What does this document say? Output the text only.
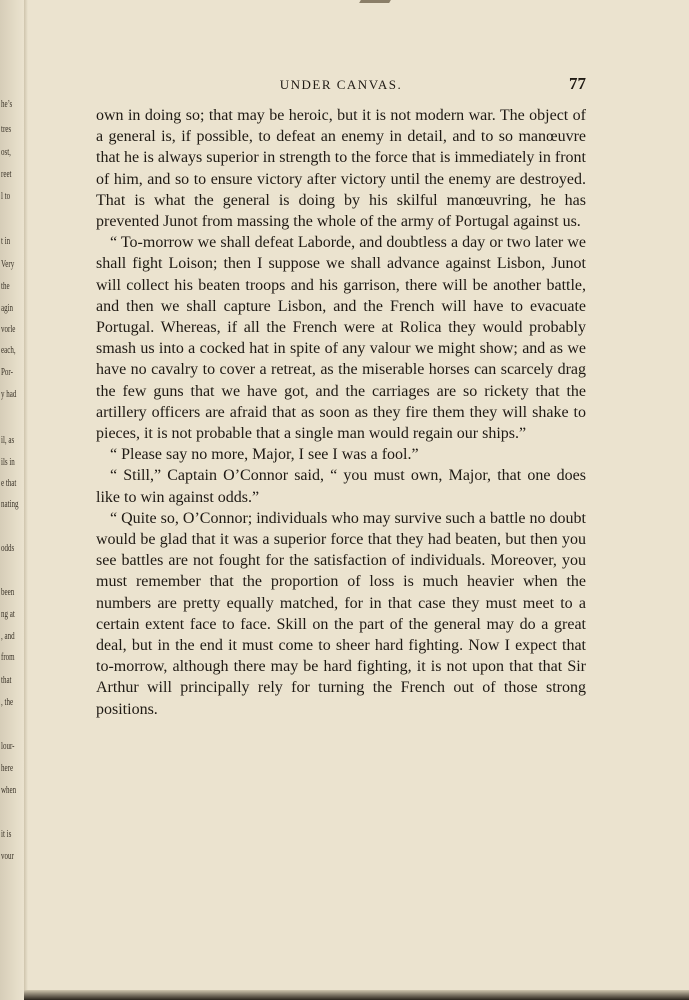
he’s
tres
ost,
reet
l to
t in
Very
the
agin
vorle
each,
Por-
y had
il, as
ils in
e that
nating
odds
been
ng at
, and
from
that
, the
lour-
here
when
it is
vour
UNDER CANVAS.	77

own in doing so; that may be heroic, but it is not modern war. The object of a general is, if possible, to defeat an enemy in detail, and to so manœuvre that he is always superior in strength to the force that is immediately in front of him, and so to ensure victory after victory until the enemy are destroyed. That is what the general is doing by his skilful manœuvring, he has prevented Junot from massing the whole of the army of Portugal against us.

“ To-morrow we shall defeat Laborde, and doubtless a day or two later we shall fight Loison; then I suppose we shall advance against Lisbon, Junot will collect his beaten troops and his garrison, there will be another battle, and then we shall capture Lisbon, and the French will have to evacuate Portugal. Whereas, if all the French were at Rolica they would probably smash us into a cocked hat in spite of any valour we might show; and as we have no cavalry to cover a retreat, as the miserable horses can scarcely drag the few guns that we have got, and the carriages are so rickety that the artillery officers are afraid that as soon as they fire them they will shake to pieces, it is not probable that a single man would regain our ships.”

“ Please say no more, Major, I see I was a fool.”

“ Still,” Captain O’Connor said, “ you must own, Major, that one does like to win against odds.”

“ Quite so, O’Connor; individuals who may survive such a battle no doubt would be glad that it was a superior force that they had beaten, but then you see battles are not fought for the satisfaction of individuals. Moreover, you must remember that the proportion of loss is much heavier when the numbers are pretty equally matched, for in that case they must meet to a certain extent face to face. Skill on the part of the general may do a great deal, but in the end it must come to sheer hard fighting. Now I expect that to-morrow, although there may be hard fighting, it is not upon that that Sir Arthur will principally rely for turning the French out of those strong positions.
